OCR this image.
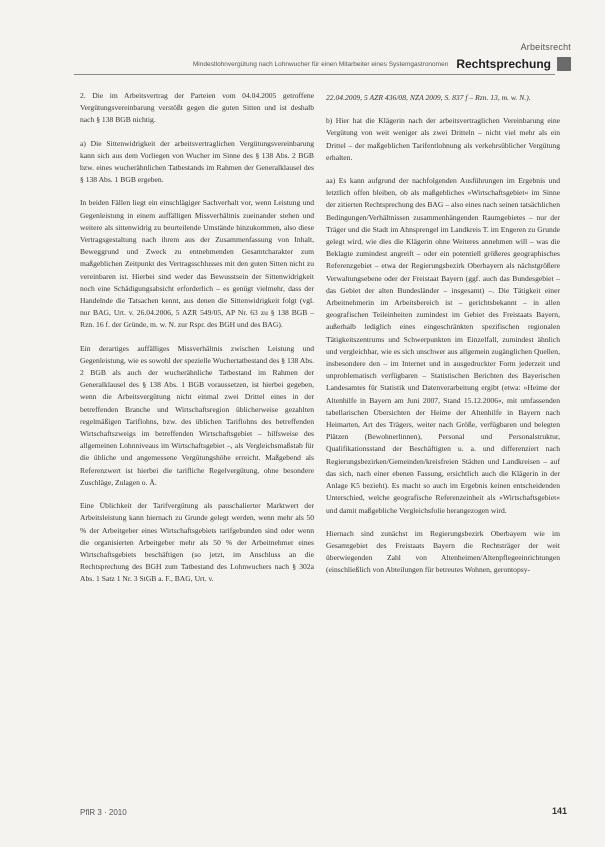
Arbeitsrecht
Mindestlohnvergütung nach Lohnwucher für einen Mitarbeiter eines Systemgastronomen Rechtsprechung

2. Die im Arbeitsvertrag der Parteien vom 04.04.2005 getroffene Vergütungsvereinbarung verstößt gegen die guten Sitten und ist deshalb nach § 138 BGB nichtig.

a) Die Sittenwidrigkeit der arbeitsvertraglichen Vergütungsvereinbarung kann sich aus dem Vorliegen von Wucher im Sinne des § 138 Abs. 2 BGB bzw. eines wucherähnlichen Tatbestands im Rahmen der Generalklausel des § 138 Abs. 1 BGB ergeben.

In beiden Fällen liegt ein einschlägiger Sachverhalt vor, wenn Leistung und Gegenleistung in einem auffälligen Missverhältnis zueinander stehen und weitere als sittenwidrig zu beurteilende Umstände hinzukommen, also diese Vertragsgestaltung nach ihrem aus der Zusammenfassung von Inhalt, Beweggrund und Zweck zu entnehmenden Gesamtcharakter zum maßgeblichen Zeitpunkt des Vertragsschlusses mit den guten Sitten nicht zu vereinbaren ist. Hierbei sind weder das Bewusstsein der Sittenwidrigkeit noch eine Schädigungsabsicht erforderlich – es genügt vielmehr, dass der Handelnde die Tatsachen kennt, aus denen die Sittenwidrigkeit folgt (vgl. nur BAG, Urt. v. 26.04.2006, 5 AZR 549/05, AP Nr. 63 zu § 138 BGB – Rzn. 16 f. der Gründe, m. w. N. zur Rspr. des BGH und des BAG).

Ein derartiges auffälliges Missverhältnis zwischen Leistung und Gegenleistung, wie es sowohl der spezielle Wuchertatbestand des § 138 Abs. 2 BGB als auch der wucherähnliche Tatbestand im Rahmen der Generalklausel des § 138 Abs. 1 BGB voraussetzen, ist hierbei gegeben, wenn die Arbeitsvergütung nicht einmal zwei Drittel eines in der betreffenden Branche und Wirtschaftsregion üblicherweise gezahlten regelmäßigen Tariflohns, bzw. des üblichen Tariflohns des betreffenden Wirtschaftszweigs im betreffenden Wirtschaftsgebiet – hilfsweise des allgemeinen Lohnniveaus im Wirtschaftsgebiet –, als Vergleichsmaßstab für die übliche und angemessene Vergütungshöhe erreicht. Maßgebend als Referenzwert ist hierbei die tarifliche Regelvergütung, ohne besondere Zuschläge, Zulagen o. Ä.

Eine Üblichkeit der Tarifvergütung als pauschalierter Marktwert der Arbeitsleistung kann hiernach zu Grunde gelegt werden, wenn mehr als 50 % der Arbeitgeber eines Wirtschaftsgebiets tarifgebunden sind oder wenn die organisierten Arbeitgeber mehr als 50 % der Arbeitnehmer eines Wirtschaftsgebiets beschäftigen (so jetzt, im Anschluss an die Rechtsprechung des BGH zum Tatbestand des Lohnwuchers nach § 302a Abs. 1 Satz 1 Nr. 3 StGB a. F., BAG, Urt. v.

22.04.2009, 5 AZR 436/08, NZA 2009, S. 837 f – Rzn. 13, m. w. N.).

b) Hier hat die Klägerin nach der arbeitsvertraglichen Vereinbarung eine Vergütung von weit weniger als zwei Dritteln – nicht viel mehr als ein Drittel – der maßgeblichen Tarifentlohnung als verkehrsüblicher Vergütung erhalten.

aa) Es kann aufgrund der nachfolgenden Ausführungen im Ergebnis und letztlich offen bleiben, ob als maßgebliches »Wirtschaftsgebiet« im Sinne der zitierten Rechtsprechung des BAG – also eines nach seinen tatsächlichen Bedingungen/Verhältnissen zusammenhängenden Raumgebietes – nur der Träger und die Stadt im Ahnsprengel im Landkreis T. im Engeren zu Grunde gelegt wird, wie dies die Klägerin ohne Weiteres annehmen will – was die Beklagte zumindest angreift – oder ein potentiell größeres geographisches Referenzgebiet – etwa der Regierungsbezirk Oberbayern als nächstgrößere Verwaltungsebene oder der Freistaat Bayern (ggf. auch das Bundesgebiet – das Gebiet der alten Bundesländer – insgesamt) –. Die Tätigkeit einer Arbeitnehmerin im Arbeitsbereich ist – gerichtsbekannt – in allen geografischen Teileinheiten zumindest im Gebiet des Freistaats Bayern, außerhalb lediglich eines eingeschränkten spezifischen regionalen Tätigkeitszentrums und Schwerpunkten im Einzelfall, zumindest ähnlich und vergleichbar, wie es sich unschwer aus allgemein zugänglichen Quellen, insbesondere den – im Internet und in ausgedruckter Form jederzeit und unproblematisch verfügbaren – Statistischen Berichten des Bayerischen Landesamtes für Statistik und Datenverarbeitung ergibt (etwa: »Heime der Altenhilfe in Bayern am Juni 2007, Stand 15.12.2006«, mit umfassenden tabellarischen Übersichten der Heime der Altenhilfe in Bayern nach Heimarten, Art des Trägers, weiter nach Größe, verfügbaren und belegten Plätzen (Bewohnerlinnen), Personal und Personalstruktur, Qualifikationsstand der Beschäftigten u. a. und differenziert nach Regierungsbezirken/Gemeinden/kreisfreien Städten und Landkreisen – auf das sich, nach einer ebenen Fassung, ersichtlich auch die Klägerin in der Anlage K5 bezieht). Es macht so auch im Ergebnis keinen entscheidenden Unterschied, welche geografische Referenzeinheit als »Wirtschaftsgebiet« und damit maßgebliche Vergleichsfolie herangezogen wird.

Hiernach sind zunächst im Regierungsbezirk Oberbayern wie im Gesamtgebiet des Freistaats Bayern die Rechtsträger der weit überwiegenden Zahl von Altenheimen/Altenpflegeeinrichtungen (einschließlich von Abteilungen für betreutes Wohnen, gerontopsy-

PflR 3 · 2010	141
